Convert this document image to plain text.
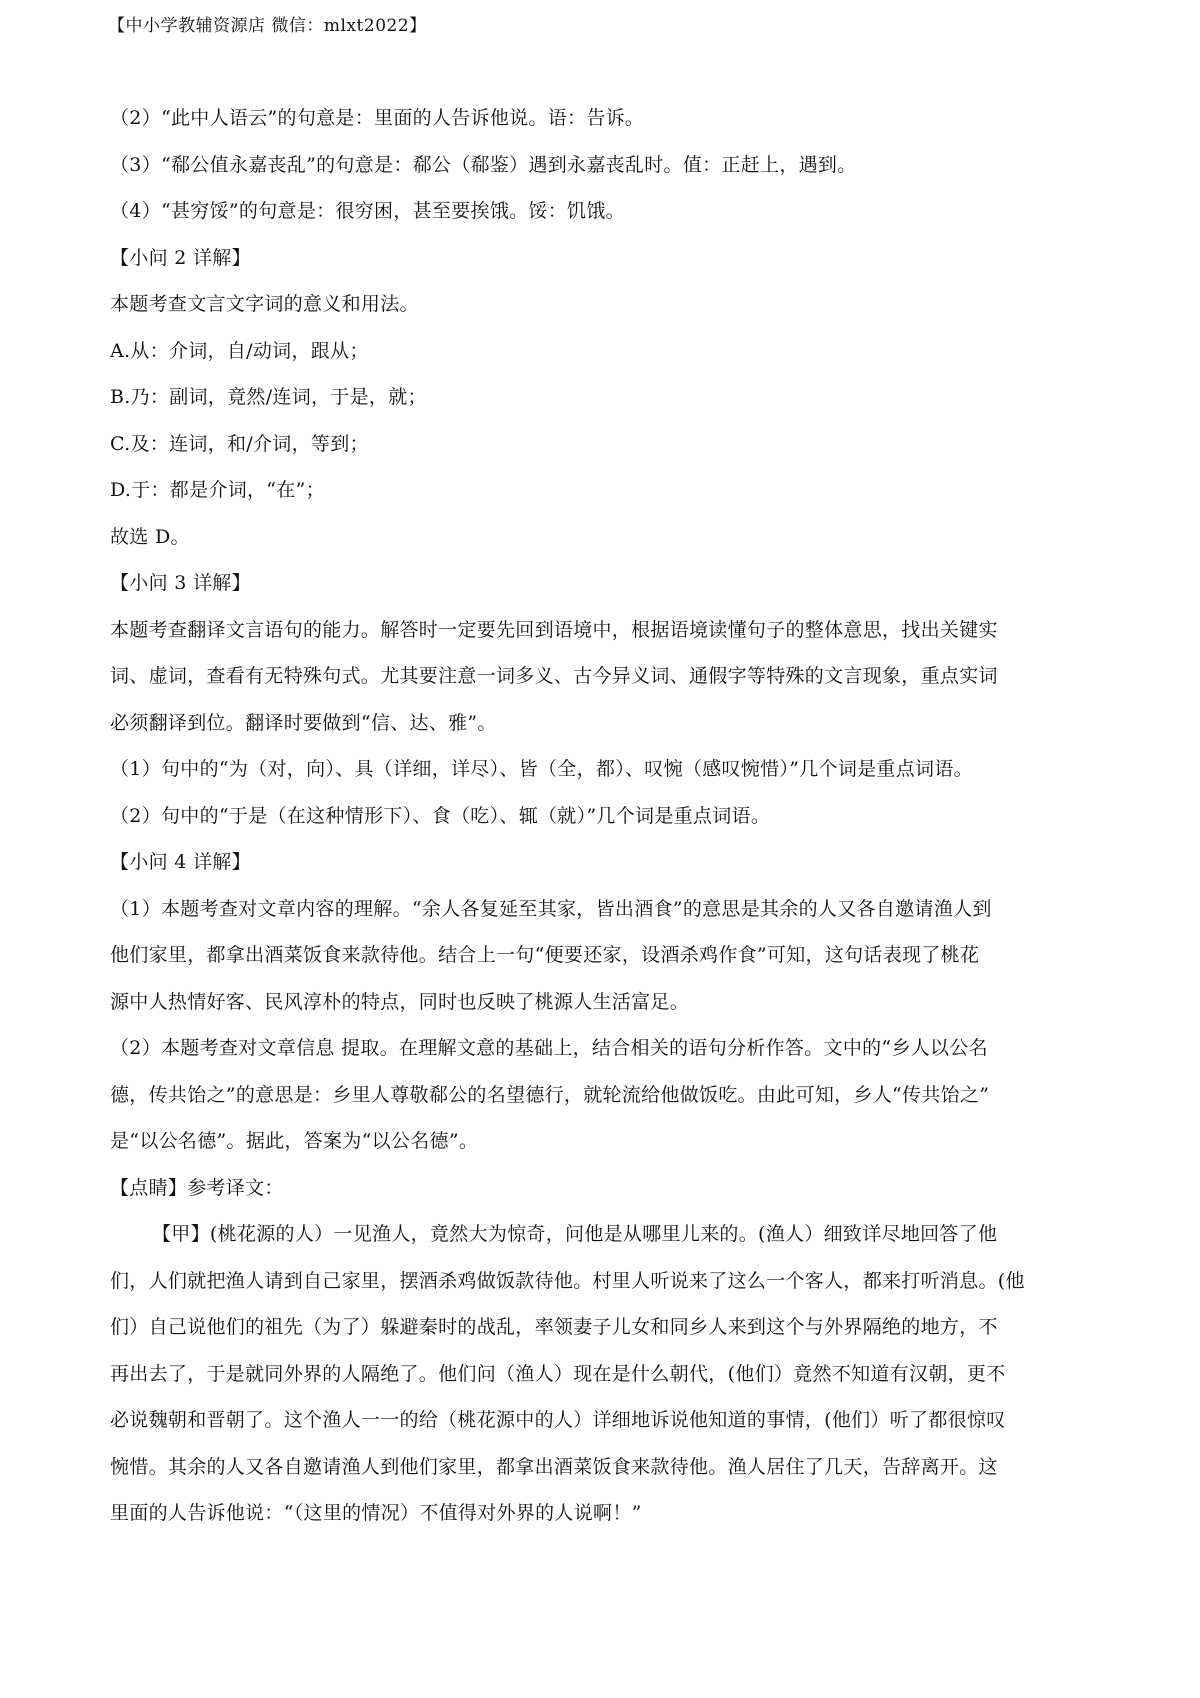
【中小学教辅资源店 微信：mlxt2022】
（2）“此中人语云”的句意是：里面的人告诉他说。语：告诉。
（3）“郗公值永嘉丧乱”的句意是：郗公（郗鉴）遇到永嘉丧乱时。值：正赶上，遇到。
（4）“甚穷馁”的句意是：很穷困，甚至要挨饿。馁：饥饿。
【小问 2 详解】
本题考查文言文字词的意义和用法。
A.从：介词，自/动词，跟从；
B.乃：副词，竟然/连词，于是，就；
C.及：连词，和/介词，等到；
D.于：都是介词，“在”；
故选 D。
【小问 3 详解】
本题考查翻译文言语句的能力。解答时一定要先回到语境中，根据语境读懂句子的整体意思，找出关键实
词、虚词，查看有无特殊句式。尤其要注意一词多义、古今异义词、通假字等特殊的文言现象，重点实词
必须翻译到位。翻译时要做到“信、达、雅”。
（1）句中的“为（对，向）、具（详细，详尽）、皆（全，都）、叹惋（感叹惋惜）”几个词是重点词语。
（2）句中的“于是（在这种情形下）、食（吃）、辄（就）”几个词是重点词语。
【小问 4 详解】
（1）本题考查对文章内容的理解。“余人各复延至其家，皆出酒食”的意思是其余的人又各自邀请渔人到
他们家里，都拿出酒菜饭食来款待他。结合上一句“便要还家，设酒杀鸡作食”可知，这句话表现了桃花
源中人热情好客、民风淳朴的特点，同时也反映了桃源人生活富足。
（2）本题考查对文章信息 提取。在理解文意的基础上，结合相关的语句分析作答。文中的“乡人以公名
德，传共饴之”的意思是：乡里人尊敬郗公的名望德行，就轮流给他做饭吃。由此可知，乡人“传共饴之”
是“以公名德”。据此，答案为“以公名德”。
【点睛】参考译文：
【甲】(桃花源的人）一见渔人，竟然大为惊奇，问他是从哪里儿来的。(渔人）细致详尽地回答了他
们，人们就把渔人请到自己家里，摆酒杀鸡做饭款待他。村里人听说来了这么一个客人，都来打听消息。(他
们）自己说他们的祖先（为了）躲避秦时的战乱，率领妻子儿女和同乡人来到这个与外界隔绝的地方，不
再出去了，于是就同外界的人隔绝了。他们问（渔人）现在是什么朝代，(他们）竟然不知道有汉朝，更不
必说魏朝和晋朝了。这个渔人一一的给（桃花源中的人）详细地诉说他知道的事情，(他们）听了都很惊叹
惋惜。其余的人又各自邀请渔人到他们家里，都拿出酒菜饭食来款待他。渔人居住了几天，告辞离开。这
里面的人告诉他说：“（这里的情况）不值得对外界的人说啊！”
